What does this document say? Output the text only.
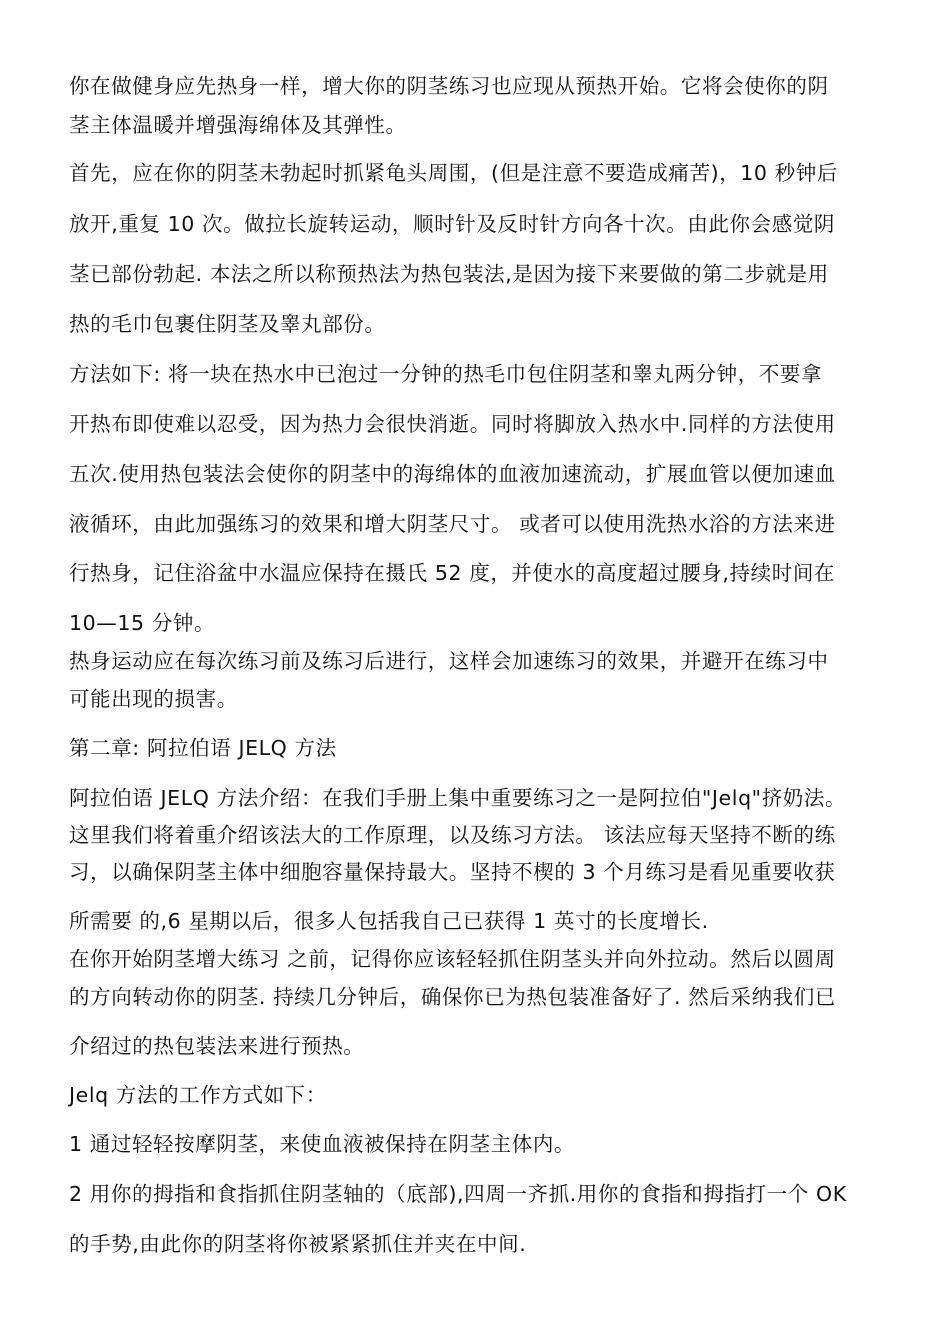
你在做健身应先热身一样，增大你的阴茎练习也应现从预热开始。它将会使你的阴
茎主体温暖并增强海绵体及其弹性。
首先，应在你的阴茎未勃起时抓紧龟头周围，(但是注意不要造成痛苦)，10 秒钟后
放开,重复 10 次。做拉长旋转运动，顺时针及反时针方向各十次。由此你会感觉阴
茎已部份勃起. 本法之所以称预热法为热包装法,是因为接下来要做的第二步就是用
热的毛巾包裹住阴茎及睾丸部份。
方法如下: 将一块在热水中已泡过一分钟的热毛巾包住阴茎和睾丸两分钟，不要拿
开热布即使难以忍受，因为热力会很快消逝。同时将脚放入热水中.同样的方法使用
五次.使用热包装法会使你的阴茎中的海绵体的血液加速流动，扩展血管以便加速血
液循环，由此加强练习的效果和增大阴茎尺寸。 或者可以使用洗热水浴的方法来进
行热身，记住浴盆中水温应保持在摄氏 52 度，并使水的高度超过腰身,持续时间在
10—15 分钟。
热身运动应在每次练习前及练习后进行，这样会加速练习的效果，并避开在练习中
可能出现的损害。
第二章: 阿拉伯语 JELQ 方法
阿拉伯语 JELQ 方法介绍：在我们手册上集中重要练习之一是阿拉伯"Jelq"挤奶法。
这里我们将着重介绍该法大的工作原理，以及练习方法。 该法应每天坚持不断的练
习，以确保阴茎主体中细胞容量保持最大。坚持不楔的 3 个月练习是看见重要收获
所需要 的,6 星期以后，很多人包括我自己已获得 1 英寸的长度增长.
在你开始阴茎增大练习 之前，记得你应该轻轻抓住阴茎头并向外拉动。然后以圆周
的方向转动你的阴茎. 持续几分钟后，确保你已为热包装准备好了. 然后采纳我们已
介绍过的热包装法来进行预热。
Jelq 方法的工作方式如下：
1 通过轻轻按摩阴茎，来使血液被保持在阴茎主体内。
2 用你的拇指和食指抓住阴茎轴的（底部),四周一齐抓.用你的食指和拇指打一个 OK
的手势,由此你的阴茎将你被紧紧抓住并夹在中间.
